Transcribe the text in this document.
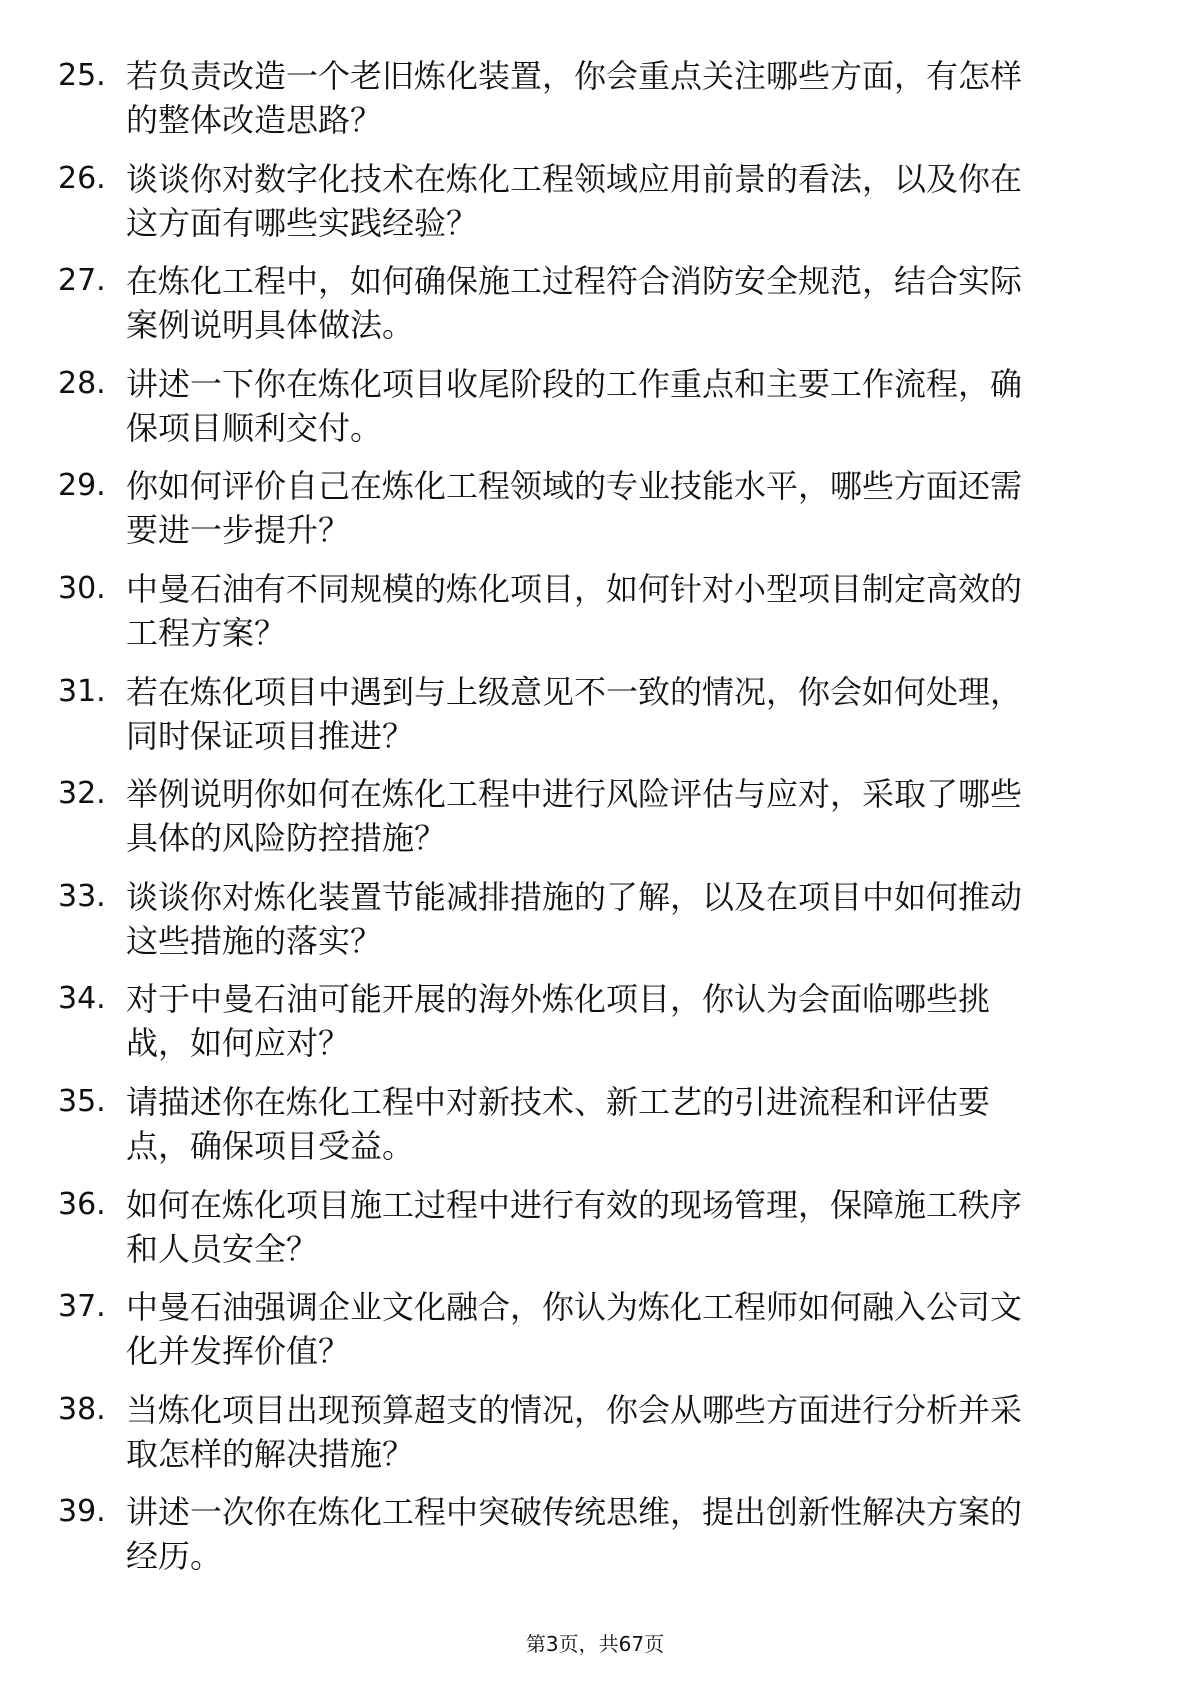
25. 若负责改造一个老旧炼化装置，你会重点关注哪些方面，有怎样
的整体改造思路？
26. 谈谈你对数字化技术在炼化工程领域应用前景的看法，以及你在
这方面有哪些实践经验？
27. 在炼化工程中，如何确保施工过程符合消防安全规范，结合实际
案例说明具体做法。
28. 讲述一下你在炼化项目收尾阶段的工作重点和主要工作流程，确
保项目顺利交付。
29. 你如何评价自己在炼化工程领域的专业技能水平，哪些方面还需
要进一步提升？
30. 中曼石油有不同规模的炼化项目，如何针对小型项目制定高效的
工程方案？
31. 若在炼化项目中遇到与上级意见不一致的情况，你会如何处理，
同时保证项目推进？
32. 举例说明你如何在炼化工程中进行风险评估与应对，采取了哪些
具体的风险防控措施？
33. 谈谈你对炼化装置节能减排措施的了解，以及在项目中如何推动
这些措施的落实？
34. 对于中曼石油可能开展的海外炼化项目，你认为会面临哪些挑
战，如何应对？
35. 请描述你在炼化工程中对新技术、新工艺的引进流程和评估要
点，确保项目受益。
36. 如何在炼化项目施工过程中进行有效的现场管理，保障施工秩序
和人员安全？
37. 中曼石油强调企业文化融合，你认为炼化工程师如何融入公司文
化并发挥价值？
38. 当炼化项目出现预算超支的情况，你会从哪些方面进行分析并采
取怎样的解决措施？
39. 讲述一次你在炼化工程中突破传统思维，提出创新性解决方案的
经历。
第3页，共67页
